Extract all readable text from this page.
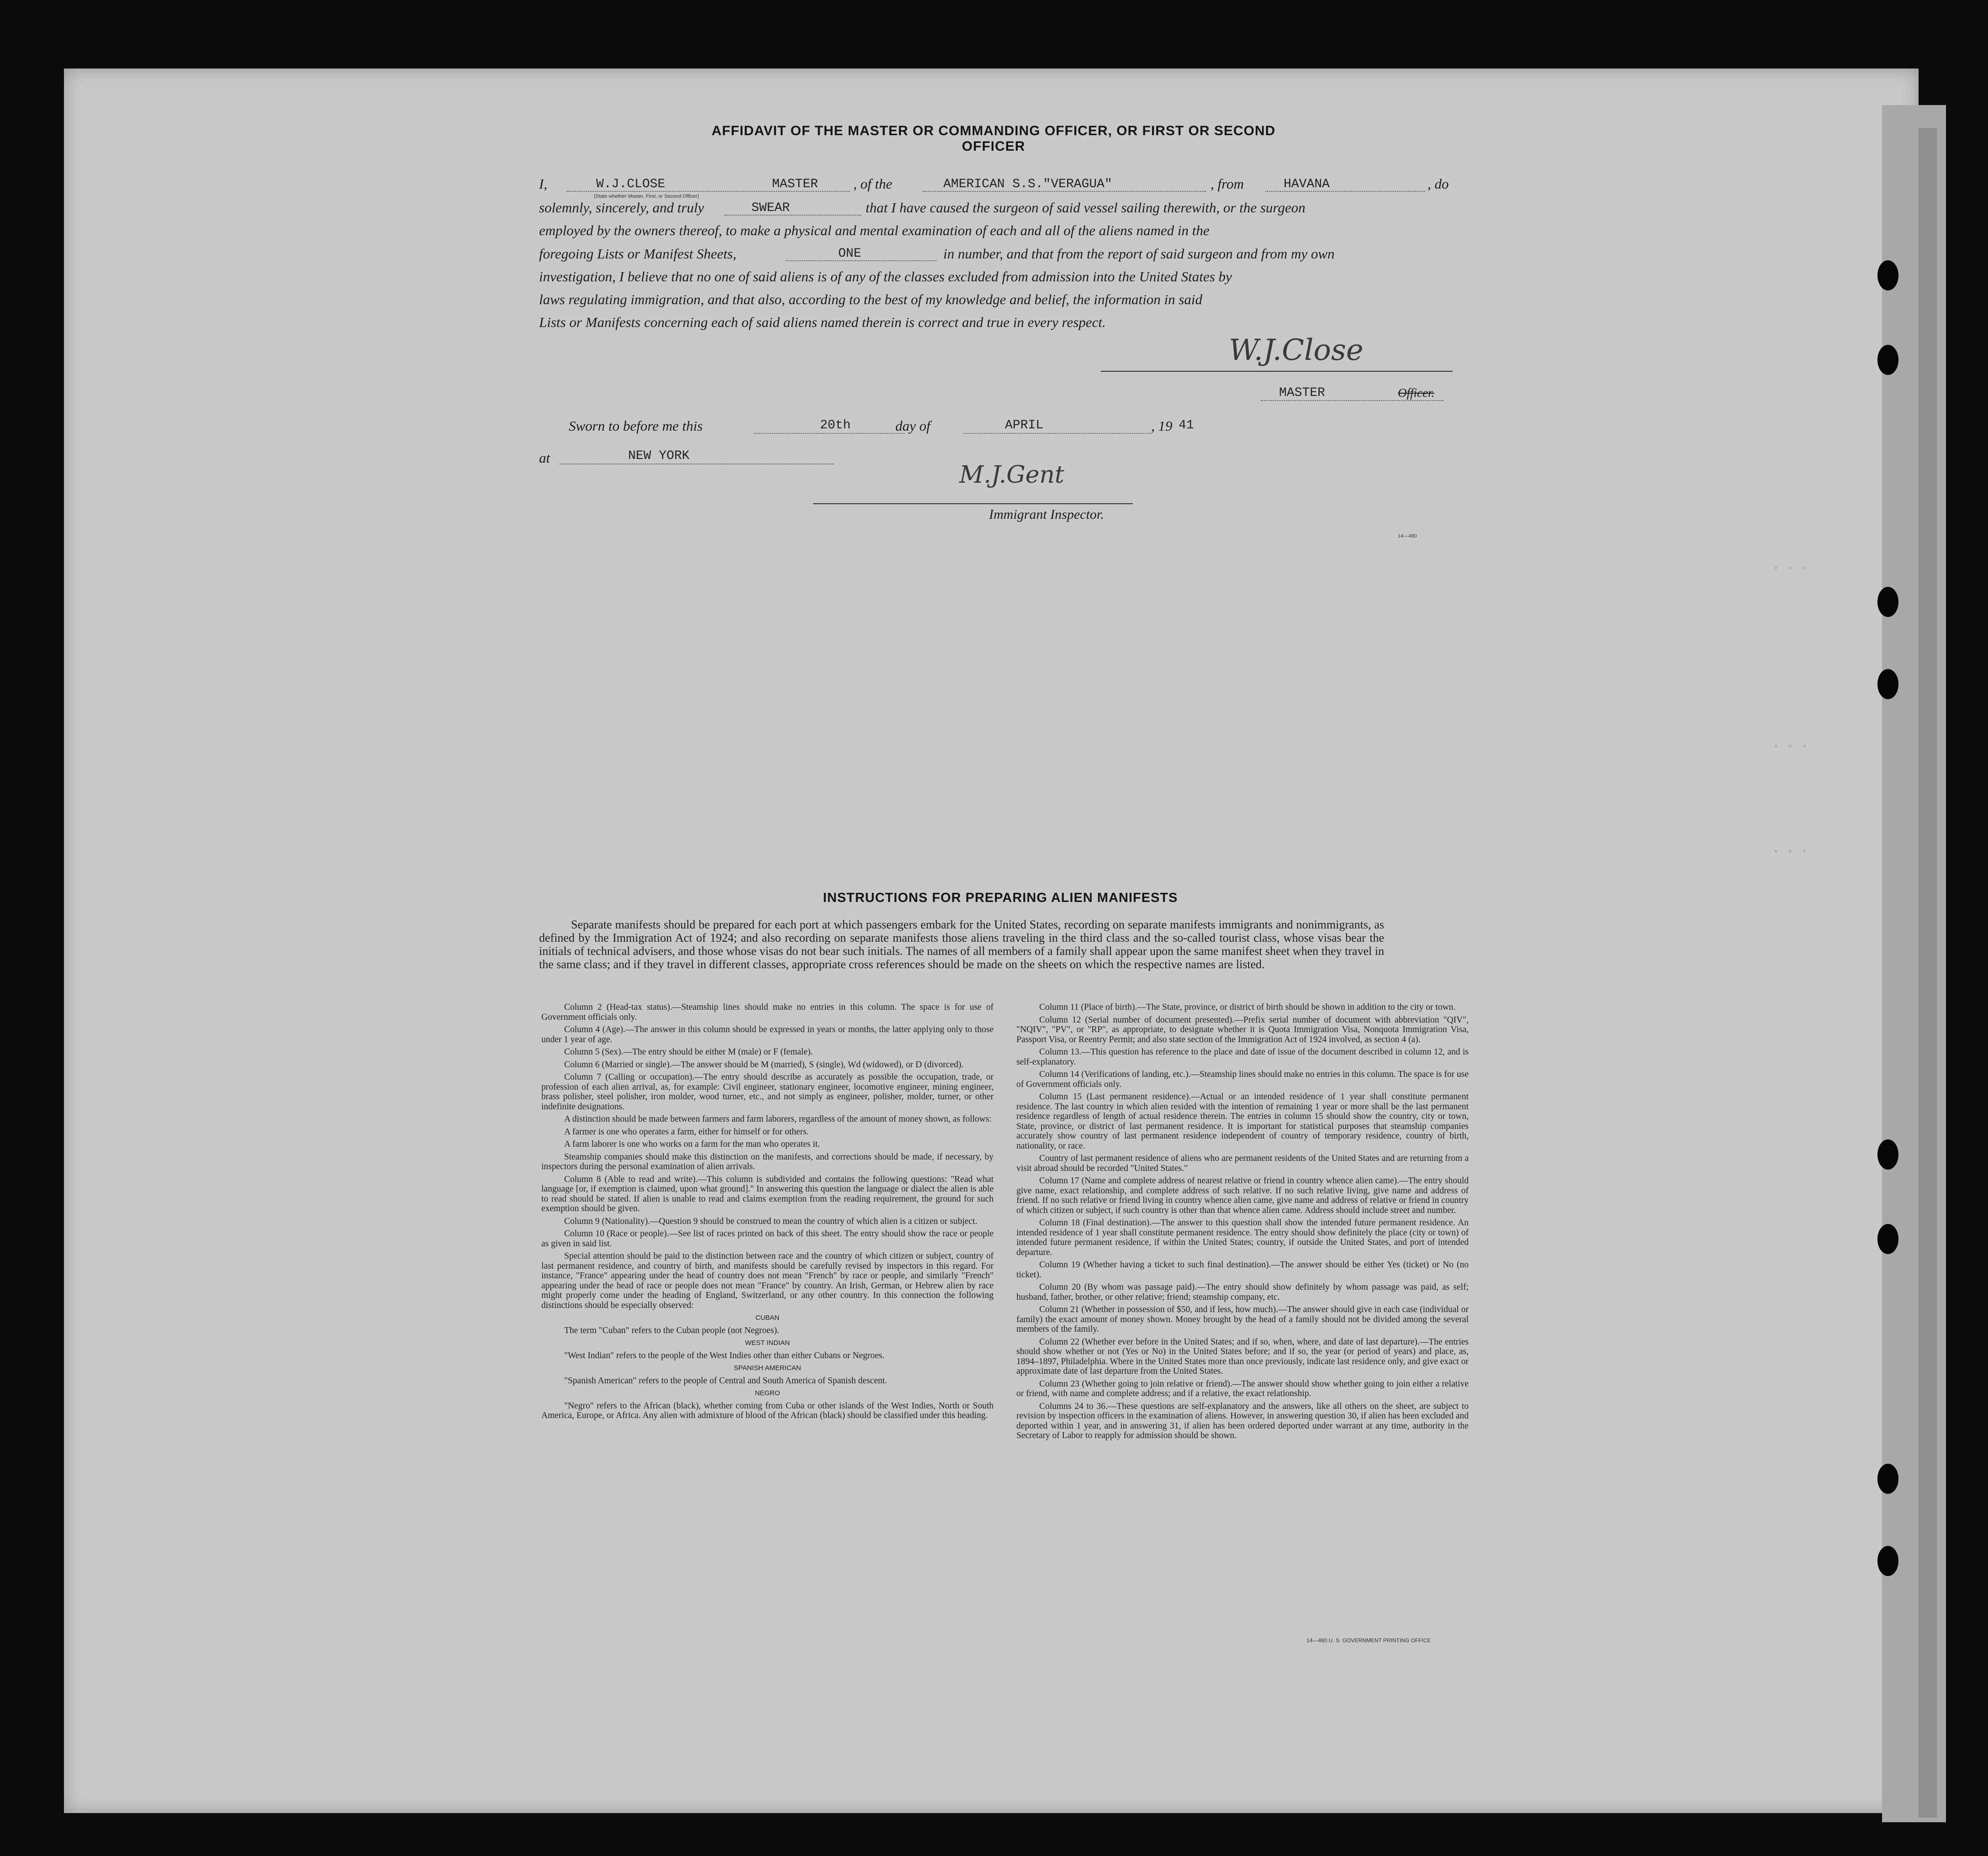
▪ ▪ ▪
▪ ▪ ▪
▪ ▪ ▪
AFFIDAVIT OF THE MASTER OR COMMANDING OFFICER, OR FIRST OR SECOND OFFICER
I,	W.J.CLOSE	MASTER , of the	AMERICAN S.S."VERAGUA"	, from	HAVANA	, do
(State whether Master, First, or Second Officer)
solemnly, sincerely, and truly	SWEAR	that I have caused the surgeon of said vessel sailing therewith, or the surgeon
employed by the owners thereof, to make a physical and mental examination of each and all of the aliens named in the
foregoing Lists or Manifest Sheets,	ONE	in number, and that from the report of said surgeon and from my own
investigation, I believe that no one of said aliens is of any of the classes excluded from admission into the United States by
laws regulating immigration, and that also, according to the best of my knowledge and belief, the information in said
Lists or Manifests concerning each of said aliens named therein is correct and true in every respect.
W.J.Close
MASTER	Officer.
Sworn to before me this	20th	day of	APRIL	, 19 41
at	NEW YORK
M.J.Gent
Immigrant Inspector.
14—480
INSTRUCTIONS FOR PREPARING ALIEN MANIFESTS
Separate manifests should be prepared for each port at which passengers embark for the United States, recording on separate manifests immigrants and nonimmigrants, as defined by the Immigration Act of 1924; and also recording on separate manifests those aliens traveling in the third class and the so-called tourist class, whose visas bear the initials of technical advisers, and those whose visas do not bear such initials. The names of all members of a family shall appear upon the same manifest sheet when they travel in the same class; and if they travel in different classes, appropriate cross references should be made on the sheets on which the respective names are listed.

Column 2 (Head-tax status).—Steamship lines should make no entries in this column. The space is for use of Government officials only.

Column 4 (Age).—The answer in this column should be expressed in years or months, the latter applying only to those under 1 year of age.

Column 5 (Sex).—The entry should be either M (male) or F (female).

Column 6 (Married or single).—The answer should be M (married), S (single), Wd (widowed), or D (divorced).

Column 7 (Calling or occupation).—The entry should describe as accurately as possible the occupation, trade, or profession of each alien arrival, as, for example: Civil engineer, stationary engineer, locomotive engineer, mining engineer, brass polisher, steel polisher, iron molder, wood turner, etc., and not simply as engineer, polisher, molder, turner, or other indefinite designations.

A distinction should be made between farmers and farm laborers, regardless of the amount of money shown, as follows:

A farmer is one who operates a farm, either for himself or for others.

A farm laborer is one who works on a farm for the man who operates it.

Steamship companies should make this distinction on the manifests, and corrections should be made, if necessary, by inspectors during the personal examination of alien arrivals.

Column 8 (Able to read and write).—This column is subdivided and contains the following questions: "Read what language [or, if exemption is claimed, upon what ground]." In answering this question the language or dialect the alien is able to read should be stated. If alien is unable to read and claims exemption from the reading requirement, the ground for such exemption should be given.

Column 9 (Nationality).—Question 9 should be construed to mean the country of which alien is a citizen or subject.

Column 10 (Race or people).—See list of races printed on back of this sheet. The entry should show the race or people as given in said list.

Special attention should be paid to the distinction between race and the country of which citizen or subject, country of last permanent residence, and country of birth, and manifests should be carefully revised by inspectors in this regard. For instance, "France" appearing under the head of country does not mean "French" by race or people, and similarly "French" appearing under the head of race or people does not mean "France" by country. An Irish, German, or Hebrew alien by race might properly come under the heading of England, Switzerland, or any other country. In this connection the following distinctions should be especially observed:

CUBAN

The term "Cuban" refers to the Cuban people (not Negroes).

WEST INDIAN

"West Indian" refers to the people of the West Indies other than either Cubans or Negroes.

SPANISH AMERICAN

"Spanish American" refers to the people of Central and South America of Spanish descent.

NEGRO

"Negro" refers to the African (black), whether coming from Cuba or other islands of the West Indies, North or South America, Europe, or Africa. Any alien with admixture of blood of the African (black) should be classified under this heading.

Column 11 (Place of birth).—The State, province, or district of birth should be shown in addition to the city or town.

Column 12 (Serial number of document presented).—Prefix serial number of document with abbreviation "QIV", "NQIV", "PV", or "RP", as appropriate, to designate whether it is Quota Immigration Visa, Nonquota Immigration Visa, Passport Visa, or Reentry Permit; and also state section of the Immigration Act of 1924 involved, as section 4 (a).

Column 13.—This question has reference to the place and date of issue of the document described in column 12, and is self-explanatory.

Column 14 (Verifications of landing, etc.).—Steamship lines should make no entries in this column. The space is for use of Government officials only.

Column 15 (Last permanent residence).—Actual or an intended residence of 1 year shall constitute permanent residence. The last country in which alien resided with the intention of remaining 1 year or more shall be the last permanent residence regardless of length of actual residence therein. The entries in column 15 should show the country, city or town, State, province, or district of last permanent residence. It is important for statistical purposes that steamship companies accurately show country of last permanent residence independent of country of temporary residence, country of birth, nationality, or race.

Country of last permanent residence of aliens who are permanent residents of the United States and are returning from a visit abroad should be recorded "United States."

Column 17 (Name and complete address of nearest relative or friend in country whence alien came).—The entry should give name, exact relationship, and complete address of such relative. If no such relative living, give name and address of friend. If no such relative or friend living in country whence alien came, give name and address of relative or friend in country of which citizen or subject, if such country is other than that whence alien came. Address should include street and number.

Column 18 (Final destination).—The answer to this question shall show the intended future permanent residence. An intended residence of 1 year shall constitute permanent residence. The entry should show definitely the place (city or town) of intended future permanent residence, if within the United States; country, if outside the United States, and port of intended departure.

Column 19 (Whether having a ticket to such final destination).—The answer should be either Yes (ticket) or No (no ticket).

Column 20 (By whom was passage paid).—The entry should show definitely by whom passage was paid, as self; husband, father, brother, or other relative; friend; steamship company, etc.

Column 21 (Whether in possession of $50, and if less, how much).—The answer should give in each case (individual or family) the exact amount of money shown. Money brought by the head of a family should not be divided among the several members of the family.

Column 22 (Whether ever before in the United States; and if so, when, where, and date of last departure).—The entries should show whether or not (Yes or No) in the United States before; and if so, the year (or period of years) and place, as, 1894–1897, Philadelphia. Where in the United States more than once previously, indicate last residence only, and give exact or approximate date of last departure from the United States.

Column 23 (Whether going to join relative or friend).—The answer should show whether going to join either a relative or friend, with name and complete address; and if a relative, the exact relationship.

Columns 24 to 36.—These questions are self-explanatory and the answers, like all others on the sheet, are subject to revision by inspection officers in the examination of aliens. However, in answering question 30, if alien has been excluded and deported within 1 year, and in answering 31, if alien has been ordered deported under warrant at any time, authority in the Secretary of Labor to reapply for admission should be shown.

14—480 U. S. GOVERNMENT PRINTING OFFICE
